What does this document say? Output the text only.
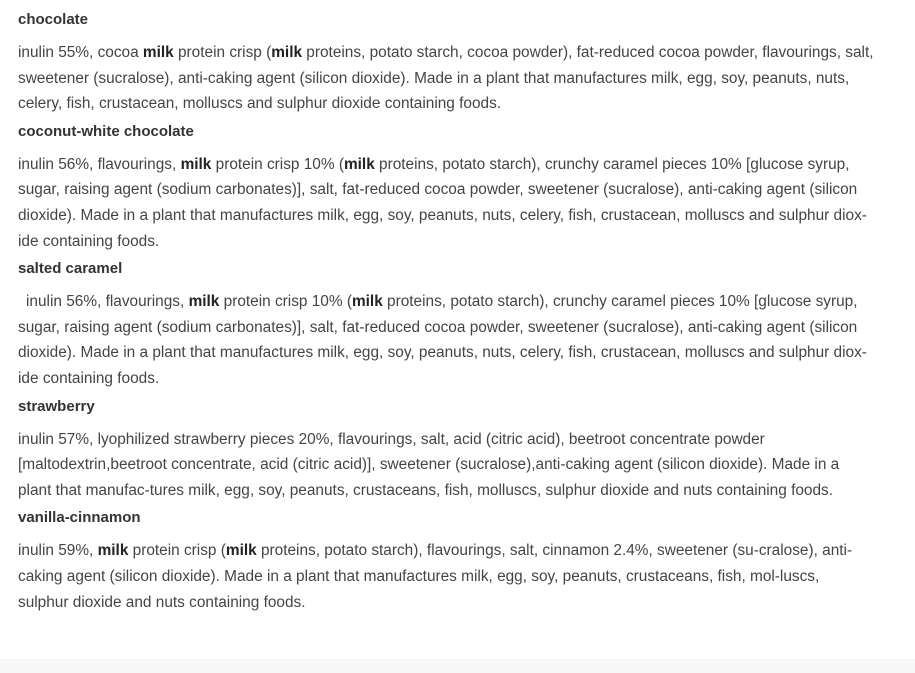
chocolate
inulin 55%, cocoa milk protein crisp (milk proteins, potato starch, cocoa powder), fat-reduced cocoa powder, flavourings, salt,
sweetener (sucralose), anti-caking agent (silicon dioxide). Made in a plant that manufactures milk, egg, soy, peanuts, nuts,
celery, fish, crustacean, molluscs and sulphur dioxide containing foods.
coconut-white chocolate
inulin 56%, flavourings, milk protein crisp 10% (milk proteins, potato starch), crunchy caramel pieces 10% [glucose syrup,
sugar, raising agent (sodium carbonates)], salt, fat-reduced cocoa powder, sweetener (sucralose), anti-caking agent (silicon
dioxide). Made in a plant that manufactures milk, egg, soy, peanuts, nuts, celery, fish, crustacean, molluscs and sulphur diox-
ide containing foods.
salted caramel
inulin 56%, flavourings, milk protein crisp 10% (milk proteins, potato starch), crunchy caramel pieces 10% [glucose syrup,
sugar, raising agent (sodium carbonates)], salt, fat-reduced cocoa powder, sweetener (sucralose), anti-caking agent (silicon
dioxide). Made in a plant that manufactures milk, egg, soy, peanuts, nuts, celery, fish, crustacean, molluscs and sulphur diox-
ide containing foods.
strawberry
inulin 57%, lyophilized strawberry pieces 20%, flavourings, salt, acid (citric acid), beetroot concentrate powder
[maltodextrin,beetroot concentrate, acid (citric acid)], sweetener (sucralose),anti-caking agent (silicon dioxide). Made in a
plant that manufac-tures milk, egg, soy, peanuts, crustaceans, fish, molluscs, sulphur dioxide and nuts containing foods.
vanilla-cinnamon
inulin 59%, milk protein crisp (milk proteins, potato starch), flavourings, salt, cinnamon 2.4%, sweetener (su-cralose), anti-
caking agent (silicon dioxide). Made in a plant that manufactures milk, egg, soy, peanuts, crustaceans, fish, mol-luscs,
sulphur dioxide and nuts containing foods.
